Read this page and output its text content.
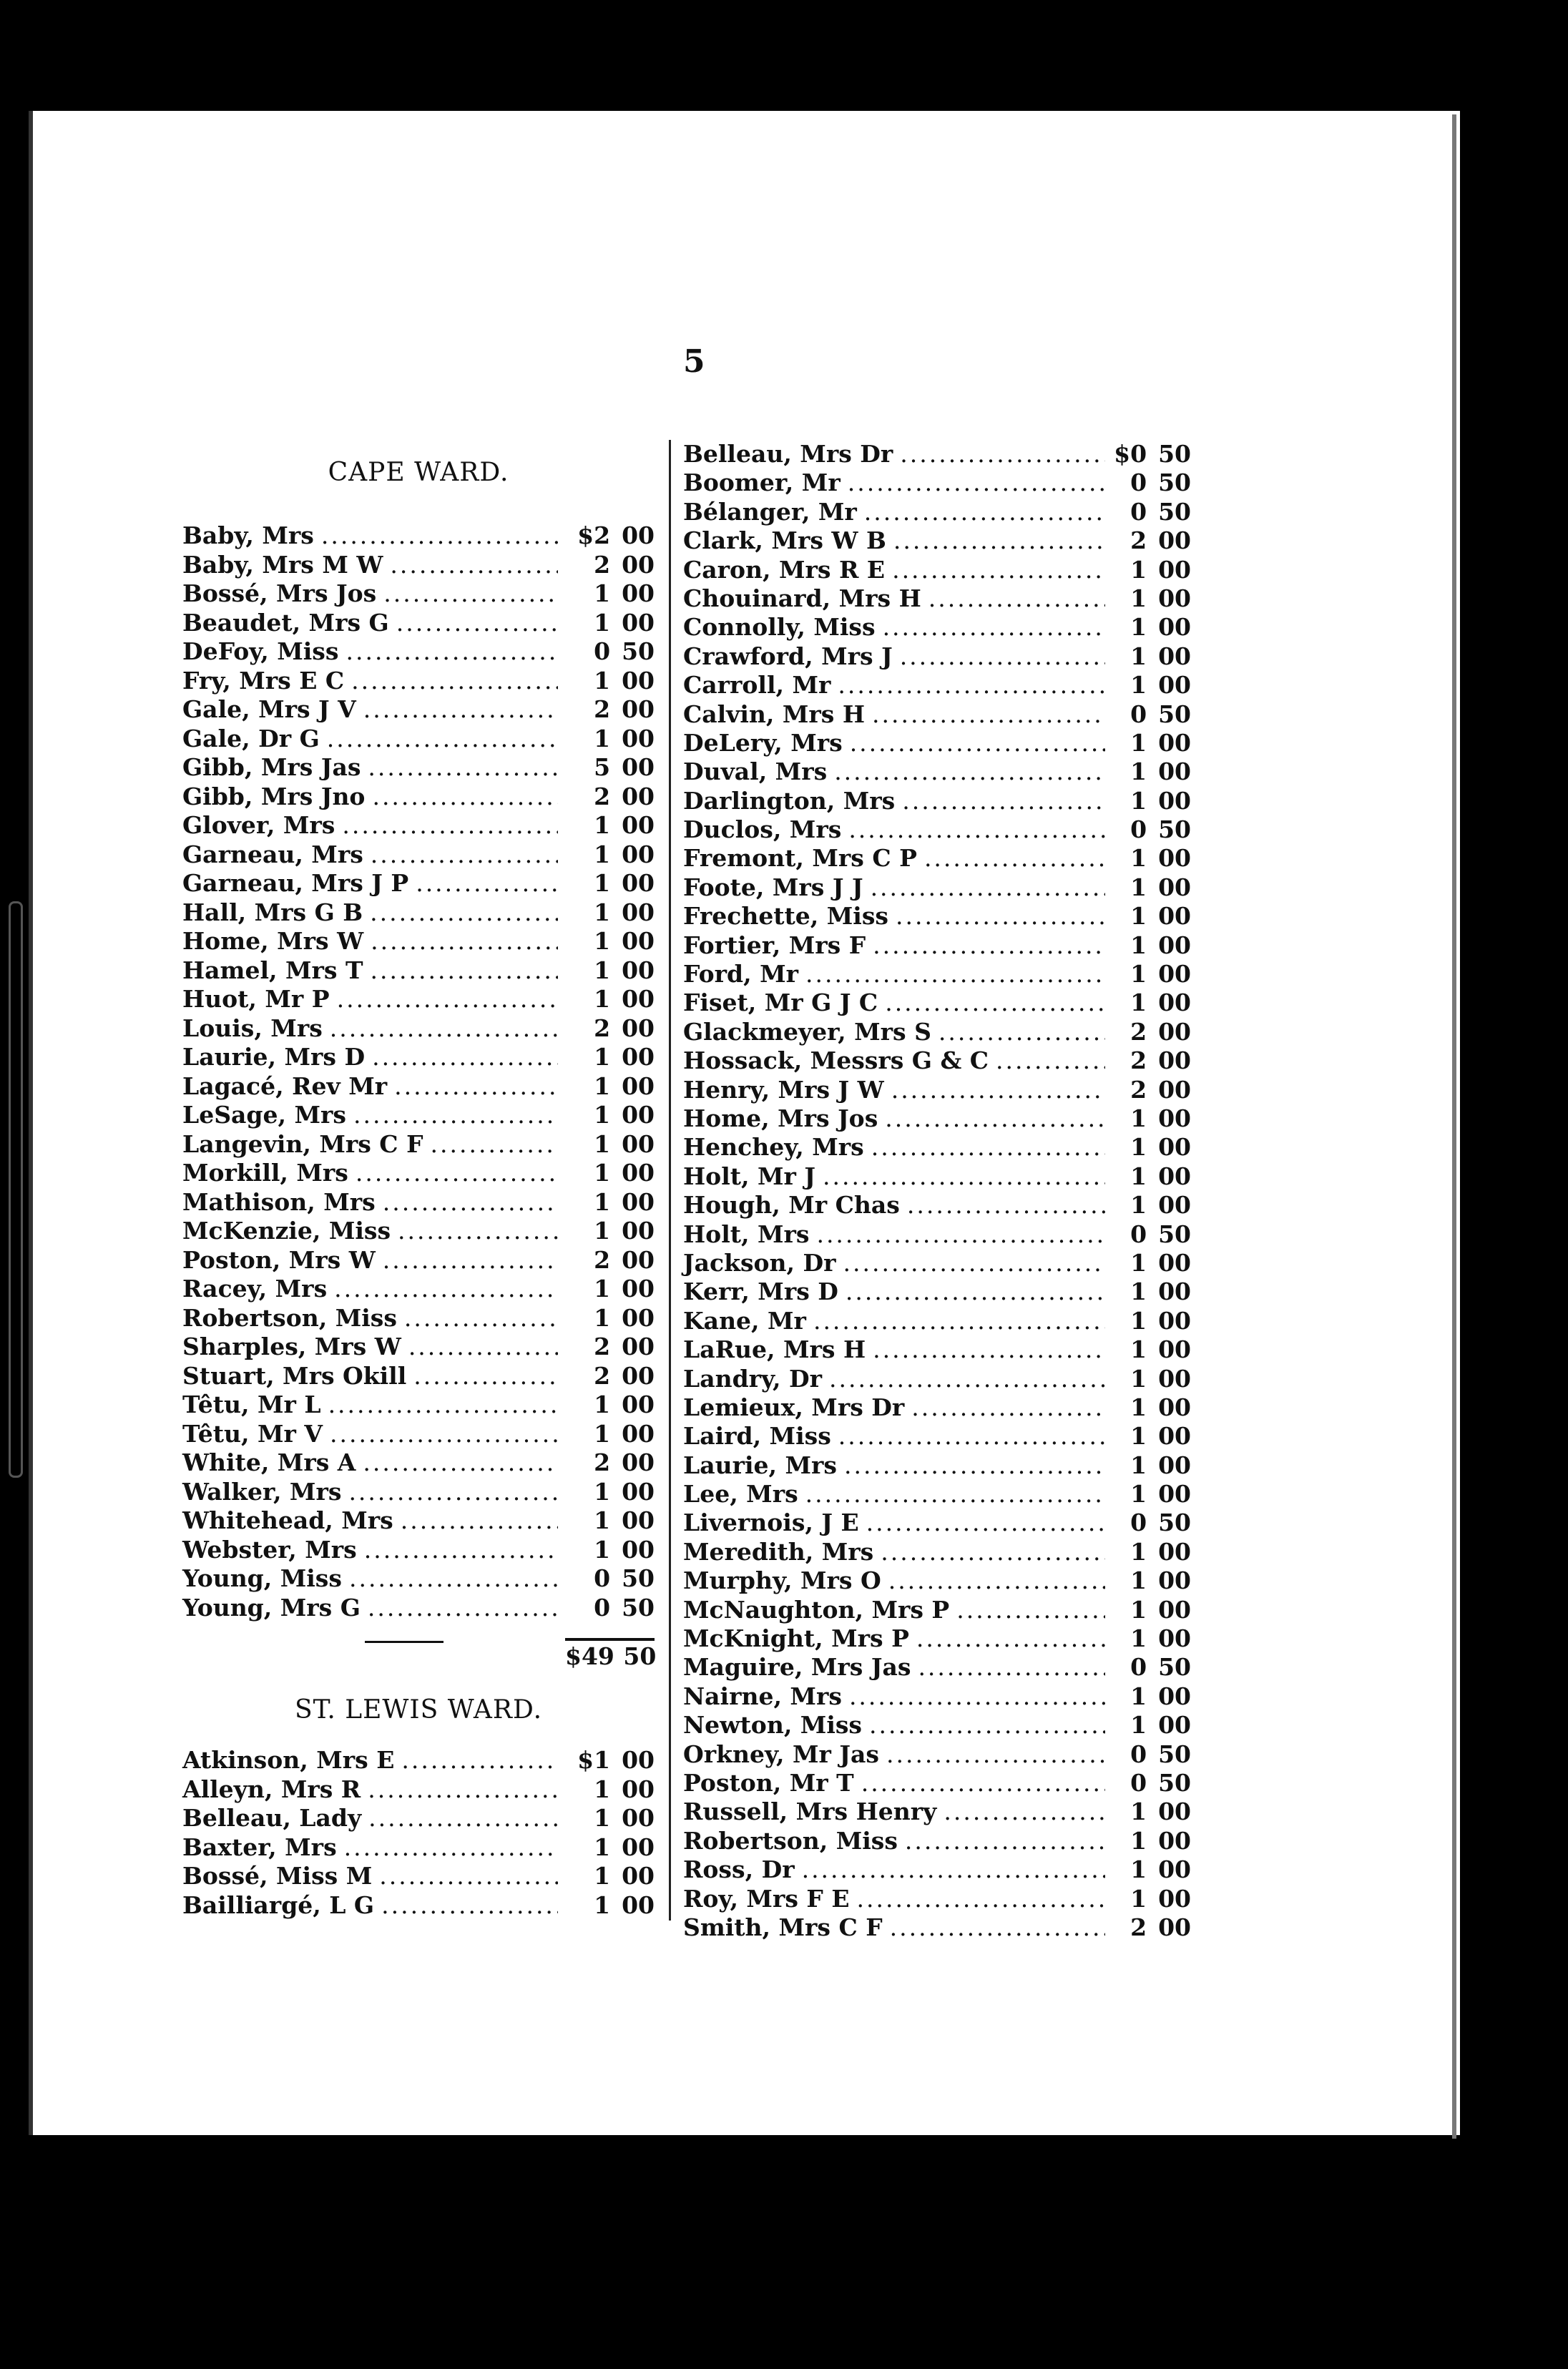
5
CAPE WARD.
Baby, Mrs .....	$2 00
Baby, Mrs M W .....	2 00
Bossé, Mrs Jos .....	1 00
Beaudet, Mrs G .....	1 00
DeFoy, Miss .....	0 50
Fry, Mrs E C .....	1 00
Gale, Mrs J V .....	2 00
Gale, Dr G .....	1 00
Gibb, Mrs Jas .....	5 00
Gibb, Mrs Jno .....	2 00
Glover, Mrs .....	1 00
Garneau, Mrs .....	1 00
Garneau, Mrs J P .....	1 00
Hall, Mrs G B .....	1 00
Home, Mrs W .....	1 00
Hamel, Mrs T .....	1 00
Huot, Mr P .....	1 00
Louis, Mrs .....	2 00
Laurie, Mrs D .....	1 00
Lagacé, Rev Mr .....	1 00
LeSage, Mrs .....	1 00
Langevin, Mrs C F .....	1 00
Morkill, Mrs .....	1 00
Mathison, Mrs .....	1 00
McKenzie, Miss .....	1 00
Poston, Mrs W .....	2 00
Racey, Mrs .....	1 00
Robertson, Miss .....	1 00
Sharples, Mrs W .....	2 00
Stuart, Mrs Okill .....	2 00
Têtu, Mr L .....	1 00
Têtu, Mr V .....	1 00
White, Mrs A .....	2 00
Walker, Mrs .....	1 00
Whitehead, Mrs .....	1 00
Webster, Mrs .....	1 00
Young, Miss .....	0 50
Young, Mrs G .....	0 50
$49 50
ST. LEWIS WARD.
Atkinson, Mrs E .....	$1 00
Alleyn, Mrs R .....	1 00
Belleau, Lady .....	1 00
Baxter, Mrs .....	1 00
Bossé, Miss M .....	1 00
Bailliargé, L G .....	1 00
Belleau, Mrs Dr .....	$0 50
Boomer, Mr .....	0 50
Bélanger, Mr .....	0 50
Clark, Mrs W B .....	2 00
Caron, Mrs R E .....	1 00
Chouinard, Mrs H .....	1 00
Connolly, Miss .....	1 00
Crawford, Mrs J .....	1 00
Carroll, Mr .....	1 00
Calvin, Mrs H .....	0 50
DeLery, Mrs .....	1 00
Duval, Mrs .....	1 00
Darlington, Mrs .....	1 00
Duclos, Mrs .....	0 50
Fremont, Mrs C P .....	1 00
Foote, Mrs J J .....	1 00
Frechette, Miss .....	1 00
Fortier, Mrs F .....	1 00
Ford, Mr .....	1 00
Fiset, Mr G J C .....	1 00
Glackmeyer, Mrs S .....	2 00
Hossack, Messrs G & C .....	2 00
Henry, Mrs J W .....	2 00
Home, Mrs Jos .....	1 00
Henchey, Mrs .....	1 00
Holt, Mr J .....	1 00
Hough, Mr Chas .....	1 00
Holt, Mrs .....	0 50
Jackson, Dr .....	1 00
Kerr, Mrs D .....	1 00
Kane, Mr .....	1 00
LaRue, Mrs H .....	1 00
Landry, Dr .....	1 00
Lemieux, Mrs Dr .....	1 00
Laird, Miss .....	1 00
Laurie, Mrs .....	1 00
Lee, Mrs .....	1 00
Livernois, J E .....	0 50
Meredith, Mrs .....	1 00
Murphy, Mrs O .....	1 00
McNaughton, Mrs P .....	1 00
McKnight, Mrs P .....	1 00
Maguire, Mrs Jas .....	0 50
Nairne, Mrs .....	1 00
Newton, Miss .....	1 00
Orkney, Mr Jas .....	0 50
Poston, Mr T .....	0 50
Russell, Mrs Henry .....	1 00
Robertson, Miss .....	1 00
Ross, Dr .....	1 00
Roy, Mrs F E .....	1 00
Smith, Mrs C F .....	2 00
